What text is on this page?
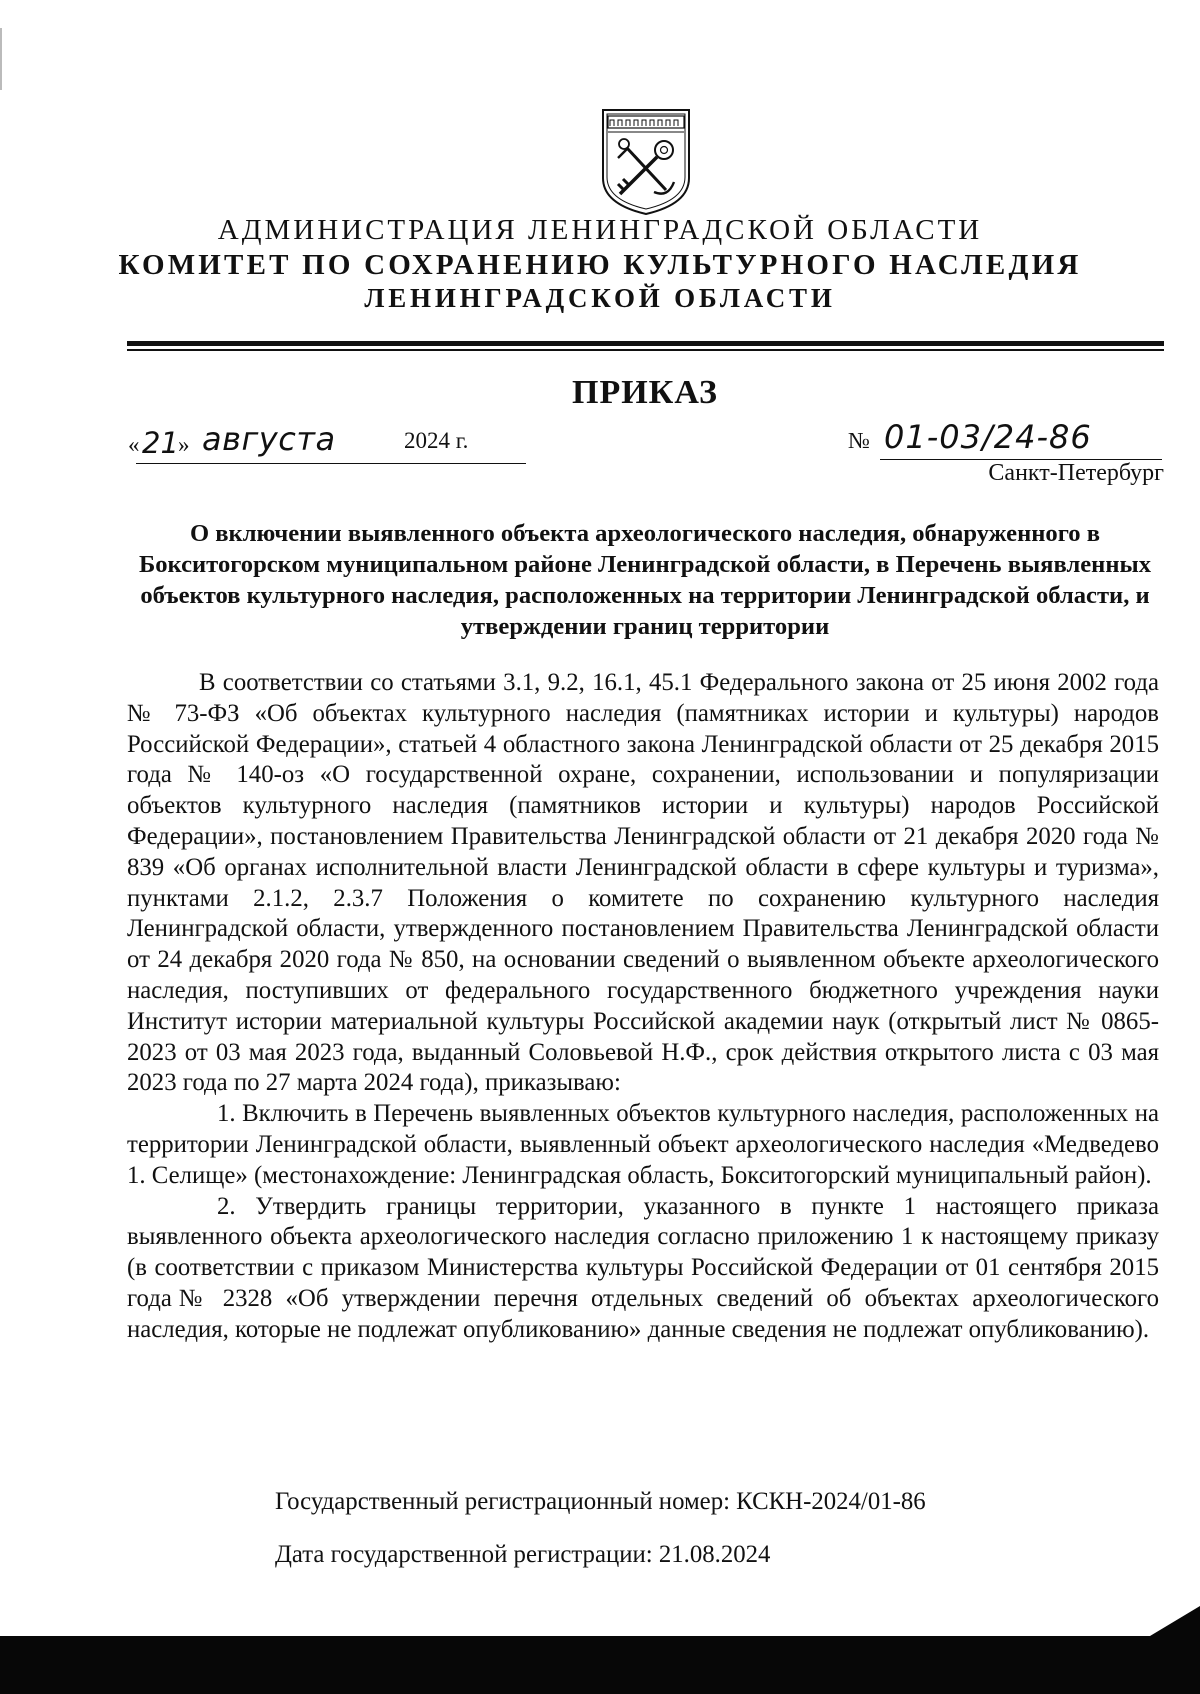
АДМИНИСТРАЦИЯ ЛЕНИНГРАДСКОЙ ОБЛАСТИ
КОМИТЕТ ПО СОХРАНЕНИЮ КУЛЬТУРНОГО НАСЛЕДИЯ
ЛЕНИНГРАДСКОЙ ОБЛАСТИ
ПРИКАЗ
« 21 » августа	2024 г.	№ 01-03/24-86
Санкт-Петербург
О включении выявленного объекта археологического наследия, обнаруженного в Бокситогорском муниципальном районе Ленинградской области, в Перечень выявленных объектов культурного наследия, расположенных на территории Ленинградской области, и утверждении границ территории

В соответствии со статьями 3.1, 9.2, 16.1, 45.1 Федерального закона от 25 июня 2002 года № 73-ФЗ «Об объектах культурного наследия (памятниках истории и культуры) народов Российской Федерации», статьей 4 областного закона Ленинградской области от 25 декабря 2015 года № 140-оз «О государственной охране, сохранении, использовании и популяризации объектов культурного наследия (памятников истории и культуры) народов Российской Федерации», постановлением Правительства Ленинградской области от 21 декабря 2020 года № 839 «Об органах исполнительной власти Ленинградской области в сфере культуры и туризма», пунктами 2.1.2, 2.3.7 Положения о комитете по сохранению культурного наследия Ленинградской области, утвержденного постановлением Правительства Ленинградской области от 24 декабря 2020 года № 850, на основании сведений о выявленном объекте археологического наследия, поступивших от федерального государственного бюджетного учреждения науки Институт истории материальной культуры Российской академии наук (открытый лист № 0865-2023 от 03 мая 2023 года, выданный Соловьевой Н.Ф., срок действия открытого листа с 03 мая 2023 года по 27 марта 2024 года), приказываю:

1. Включить в Перечень выявленных объектов культурного наследия, расположенных на территории Ленинградской области, выявленный объект археологического наследия «Медведево 1. Селище» (местонахождение: Ленинградская область, Бокситогорский муниципальный район).

2. Утвердить границы территории, указанного в пункте 1 настоящего приказа выявленного объекта археологического наследия согласно приложению 1 к настоящему приказу (в соответствии с приказом Министерства культуры Российской Федерации от 01 сентября 2015 года№ 2328 «Об утверждении перечня отдельных сведений об объектах археологического наследия, которые не подлежат опубликованию» данные сведения не подлежат опубликованию).

Государственный регистрационный номер: КСКН-2024/01-86
Дата государственной регистрации: 21.08.2024
